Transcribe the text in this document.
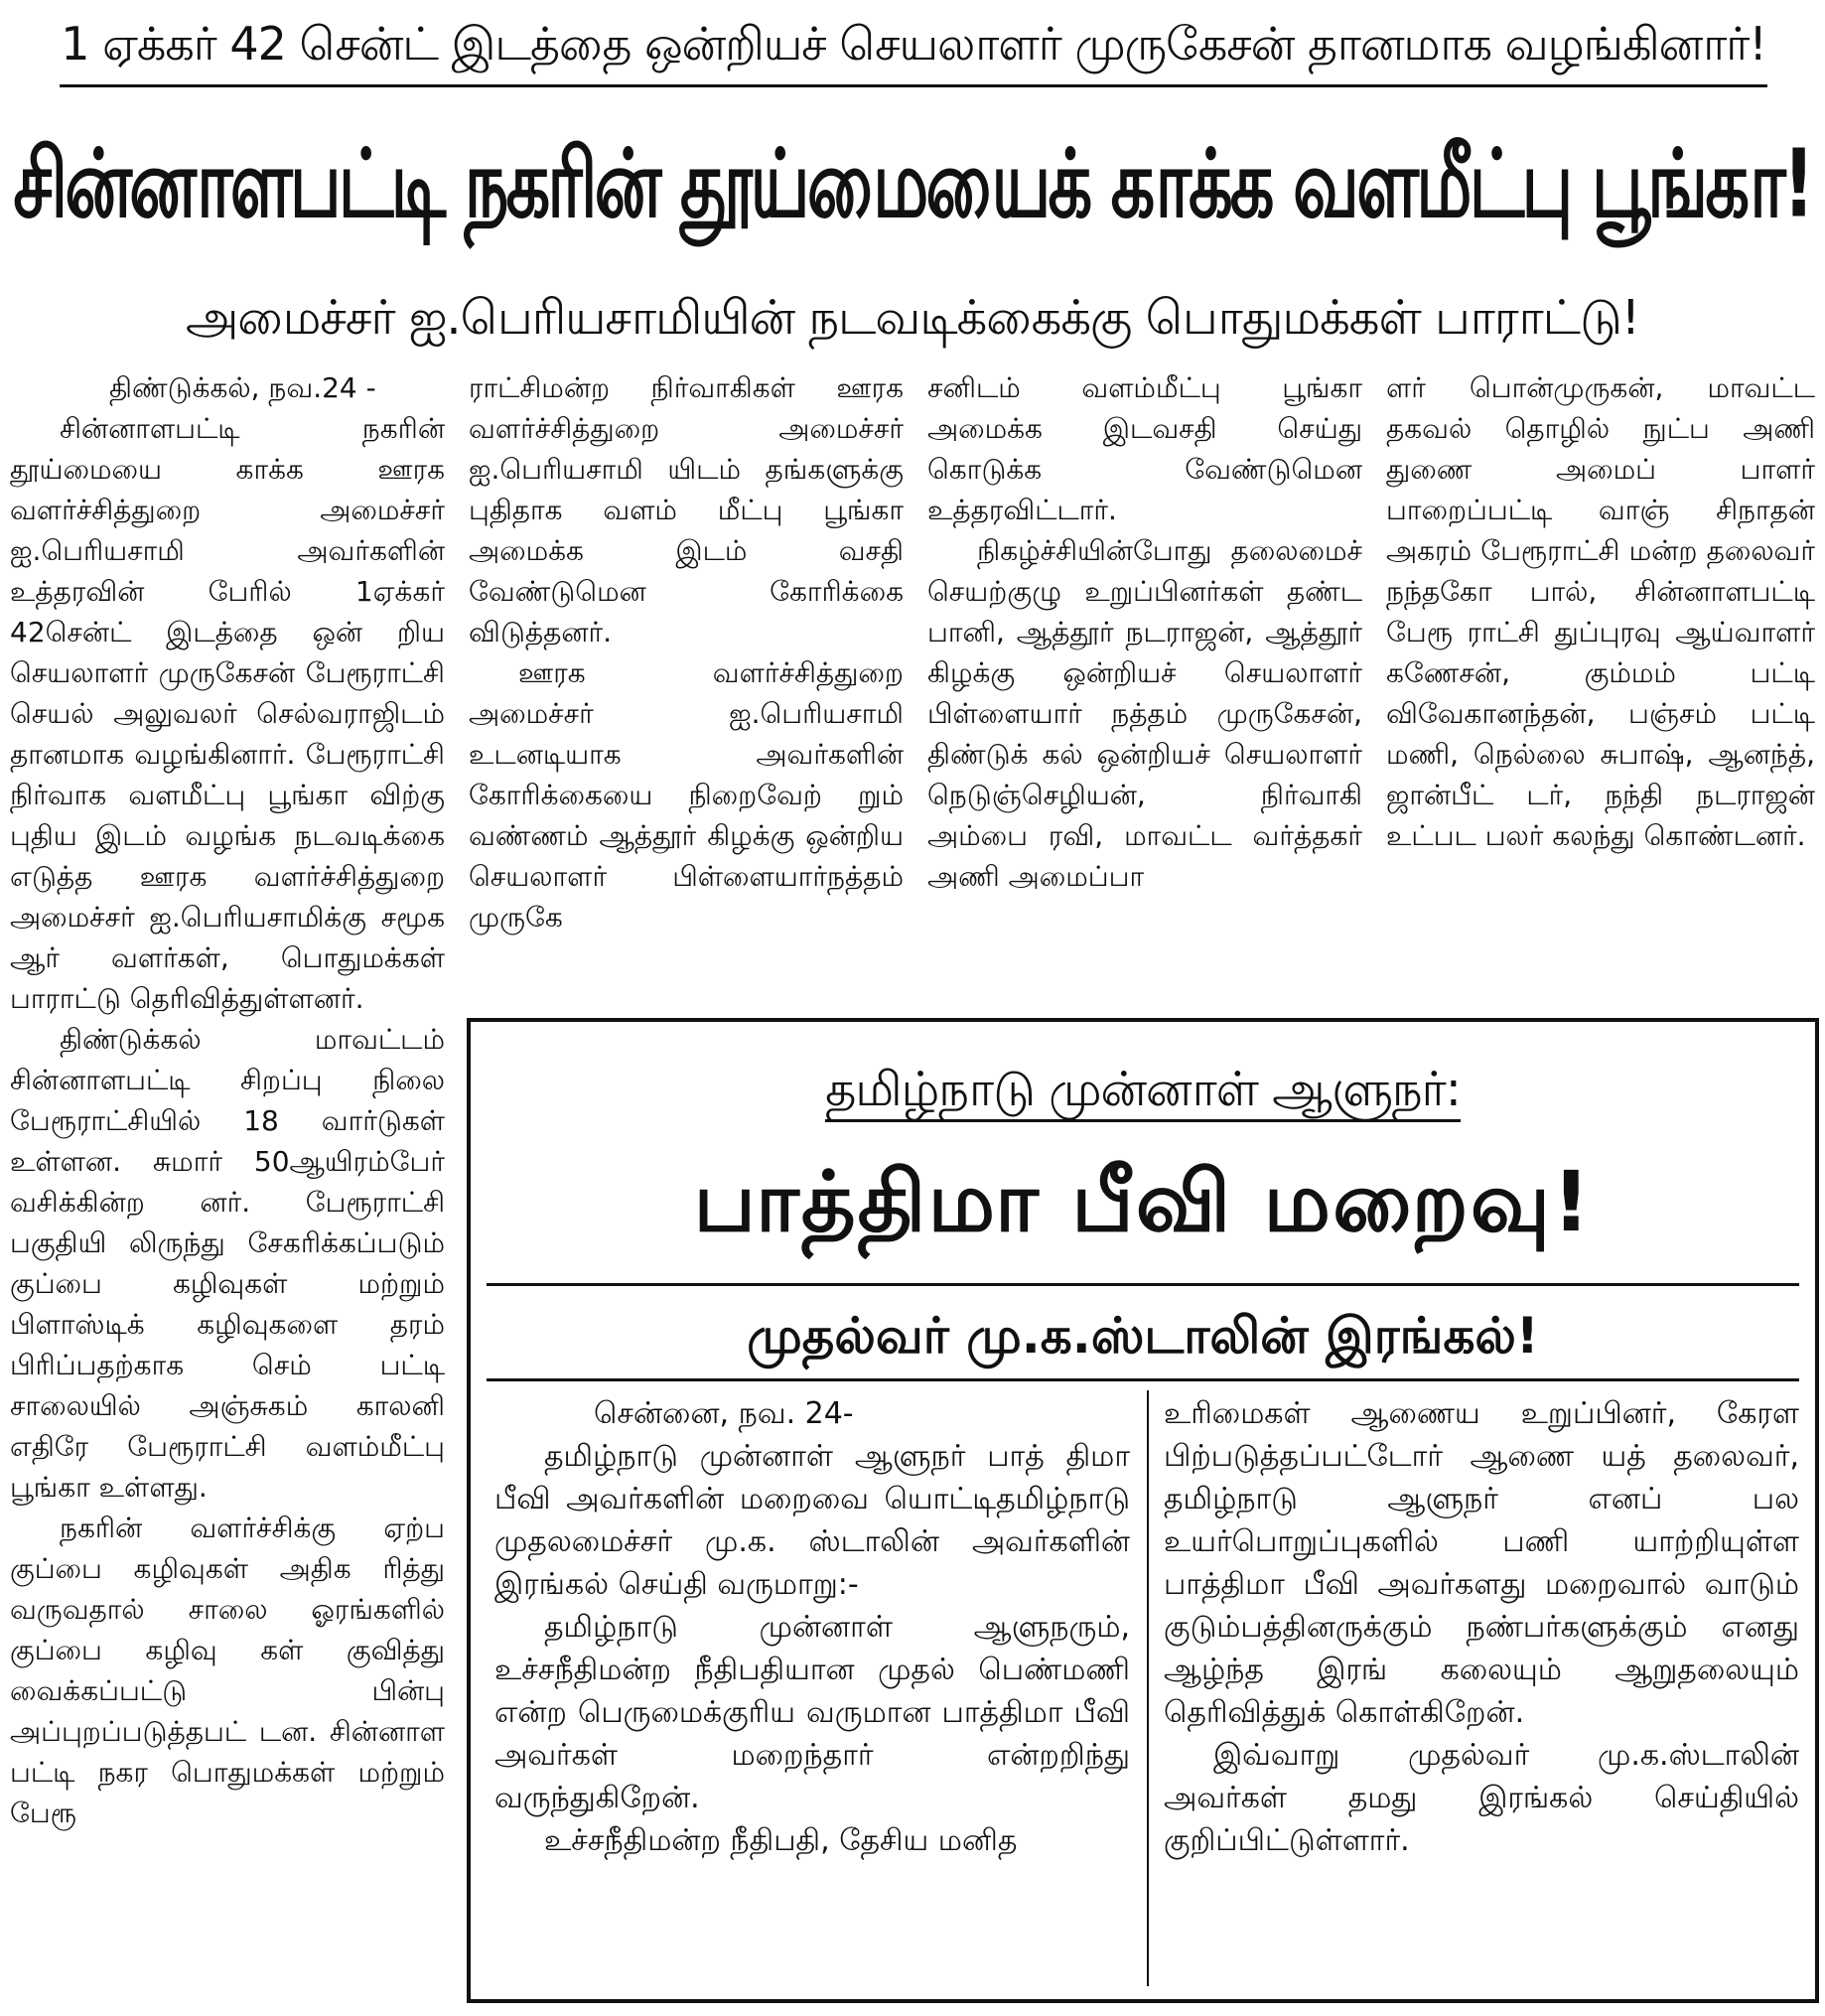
1 ஏக்கர் 42 சென்ட் இடத்தை ஒன்றியச் செயலாளர் முருகேசன் தானமாக வழங்கினார்!
சின்னாளபட்டி நகரின் தூய்மையைக் காக்க வளமீட்பு பூங்கா!
அமைச்சர் ஐ.பெரியசாமியின் நடவடிக்கைக்கு பொதுமக்கள் பாராட்டு!

திண்டுக்கல், நவ.24 -

சின்னாளபட்டி நகரின் தூய்மையை காக்க ஊரக வளர்ச்சித்துறை அமைச்சர் ஐ.பெரியசாமி அவர்களின் உத்தரவின் பேரில் 1ஏக்கர் 42சென்ட் இடத்தை ஒன் றிய செயலாளர் முருகேசன் பேரூராட்சி செயல் அலுவலர் செல்வராஜிடம் தானமாக வழங்கினார். பேரூராட்சி நிர்வாக வளமீட்பு பூங்கா விற்கு புதிய இடம் வழங்க நடவடிக்கை எடுத்த ஊரக வளர்ச்சித்துறை அமைச்சர் ஐ.பெரியசாமிக்கு சமூக ஆர் வளர்கள், பொதுமக்கள் பாராட்டு தெரிவித்துள்ளனர்.

திண்டுக்கல் மாவட்டம் சின்னாளபட்டி சிறப்பு நிலை பேரூராட்சியில் 18 வார்டுகள் உள்ளன. சுமார் 50ஆயிரம்பேர் வசிக்கின்ற னர். பேரூராட்சி பகுதியி லிருந்து சேகரிக்கப்படும் குப்பை கழிவுகள் மற்றும் பிளாஸ்டிக் கழிவுகளை தரம் பிரிப்பதற்காக செம் பட்டி சாலையில் அஞ்சுகம் காலனி எதிரே பேரூராட்சி வளம்மீட்பு பூங்கா உள்ளது.

நகரின் வளர்ச்சிக்கு ஏற்ப குப்பை கழிவுகள் அதிக ரித்து வருவதால் சாலை ஓரங்களில் குப்பை கழிவு கள் குவித்து வைக்கப்பட்டு பின்பு அப்புறப்படுத்தபட் டன. சின்னாள பட்டி நகர பொதுமக்கள் மற்றும் பேரூ

ராட்சிமன்ற நிர்வாகிகள் ஊரக வளர்ச்சித்துறை அமைச்சர் ஐ.பெரியசாமி யிடம் தங்களுக்கு புதிதாக வளம் மீட்பு பூங்கா அமைக்க இடம் வசதி வேண்டுமென கோரிக்கை விடுத்தனர்.

ஊரக வளர்ச்சித்துறை அமைச்சர் ஐ.பெரியசாமி உடனடியாக அவர்களின் கோரிக்கையை நிறைவேற் றும் வண்ணம் ஆத்தூர் கிழக்கு ஒன்றிய செயலாளர் பிள்ளையார்நத்தம் முருகே

சனிடம் வளம்மீட்பு பூங்கா அமைக்க இடவசதி செய்து கொடுக்க வேண்டுமென உத்தரவிட்டார்.

நிகழ்ச்சியின்போது தலைமைச் செயற்குழு உறுப்பினர்கள் தண்ட பானி, ஆத்தூர் நடராஜன், ஆத்தூர் கிழக்கு ஒன்றியச் செயலாளர் பிள்ளையார் நத்தம் முருகேசன், திண்டுக் கல் ஒன்றியச் செயலாளர் நெடுஞ்செழியன், நிர்வாகி அம்பை ரவி, மாவட்ட வர்த்தகர் அணி அமைப்பா

ளர் பொன்முருகன், மாவட்ட தகவல் தொழில் நுட்ப அணி துணை அமைப் பாளர் பாறைப்பட்டி வாஞ் சிநாதன் அகரம் பேரூராட்சி மன்ற தலைவர் நந்தகோ பால், சின்னாளபட்டி பேரூ ராட்சி துப்புரவு ஆய்வாளர் கணேசன், கும்மம் பட்டி விவேகானந்தன், பஞ்சம் பட்டி மணி, நெல்லை சுபாஷ், ஆனந்த், ஜான்பீட் டர், நந்தி நடராஜன் உட்பட பலர் கலந்து கொண்டனர்.

தமிழ்நாடு முன்னாள் ஆளுநர்:
பாத்திமா பீவி மறைவு!
முதல்வர் மு.க.ஸ்டாலின் இரங்கல்!

சென்னை, நவ. 24-

தமிழ்நாடு முன்னாள் ஆளுநர் பாத் திமா பீவி அவர்களின் மறைவை யொட்டிதமிழ்நாடு முதலமைச்சர் மு.க. ஸ்டாலின் அவர்களின் இரங்கல் செய்தி வருமாறு:-

தமிழ்நாடு முன்னாள் ஆளுநரும், உச்சநீதிமன்ற நீதிபதியான முதல் பெண்மணி என்ற பெருமைக்குரிய வருமான பாத்திமா பீவி அவர்கள் மறைந்தார் என்றறிந்து வருந்துகிறேன்.

உச்சநீதிமன்ற நீதிபதி, தேசிய மனித

உரிமைகள் ஆணைய உறுப்பினர், கேரள பிற்படுத்தப்பட்டோர் ஆணை யத் தலைவர், தமிழ்நாடு ஆளுநர் எனப் பல உயர்பொறுப்புகளில் பணி யாற்றியுள்ள பாத்திமா பீவி அவர்களது மறைவால் வாடும் குடும்பத்தினருக்கும் நண்பர்களுக்கும் எனது ஆழ்ந்த இரங் கலையும் ஆறுதலையும் தெரிவித்துக் கொள்கிறேன்.

இவ்வாறு முதல்வர் மு.க.ஸ்டாலின் அவர்கள் தமது இரங்கல் செய்தியில் குறிப்பிட்டுள்ளார்.
